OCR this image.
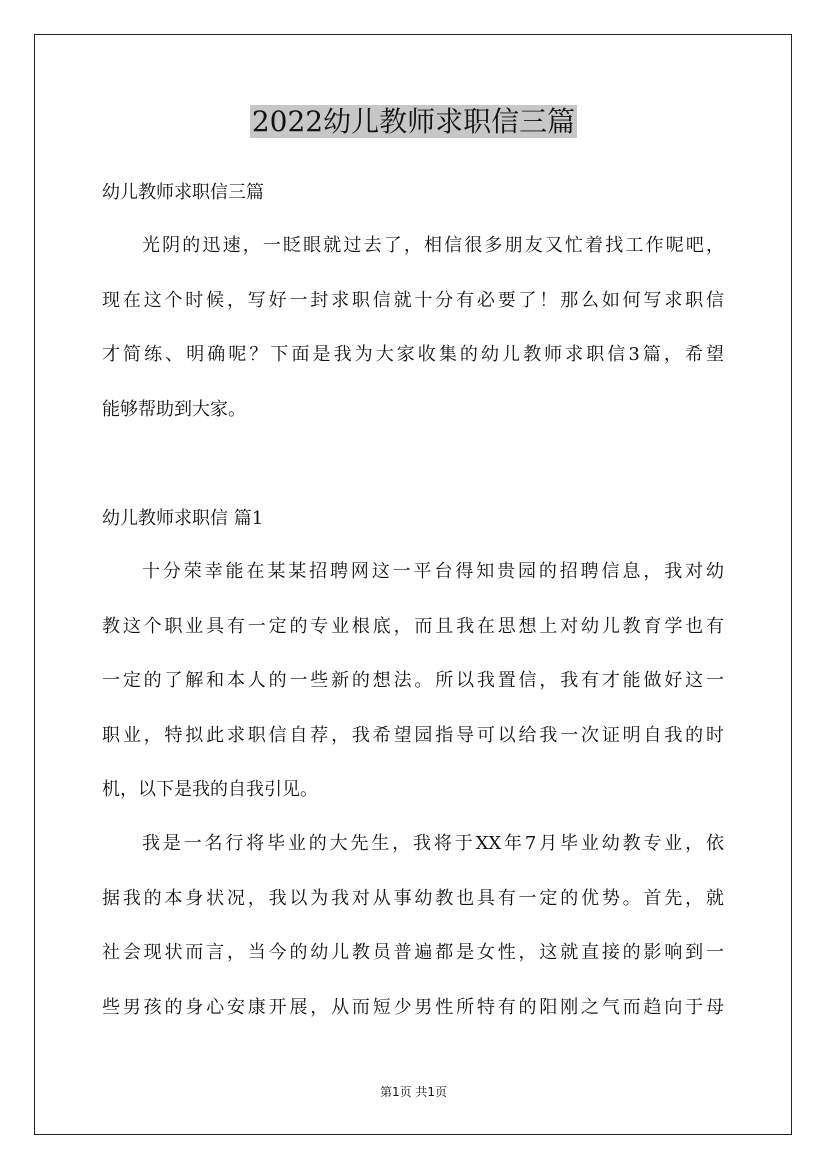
2022幼儿教师求职信三篇
幼儿教师求职信三篇
光阴的迅速，一眨眼就过去了，相信很多朋友又忙着找工作呢吧，
现在这个时候，写好一封求职信就十分有必要了！那么如何写求职信
才简练、明确呢？下面是我为大家收集的幼儿教师求职信3篇，希望
能够帮助到大家。
幼儿教师求职信 篇1
十分荣幸能在某某招聘网这一平台得知贵园的招聘信息，我对幼
教这个职业具有一定的专业根底，而且我在思想上对幼儿教育学也有
一定的了解和本人的一些新的想法。所以我置信，我有才能做好这一
职业，特拟此求职信自荐，我希望园指导可以给我一次证明自我的时
机，以下是我的自我引见。
我是一名行将毕业的大先生，我将于XX年7月毕业幼教专业，依
据我的本身状况，我以为我对从事幼教也具有一定的优势。首先，就
社会现状而言，当今的幼儿教员普遍都是女性，这就直接的影响到一
些男孩的身心安康开展，从而短少男性所特有的阳刚之气而趋向于母
第1页 共1页
